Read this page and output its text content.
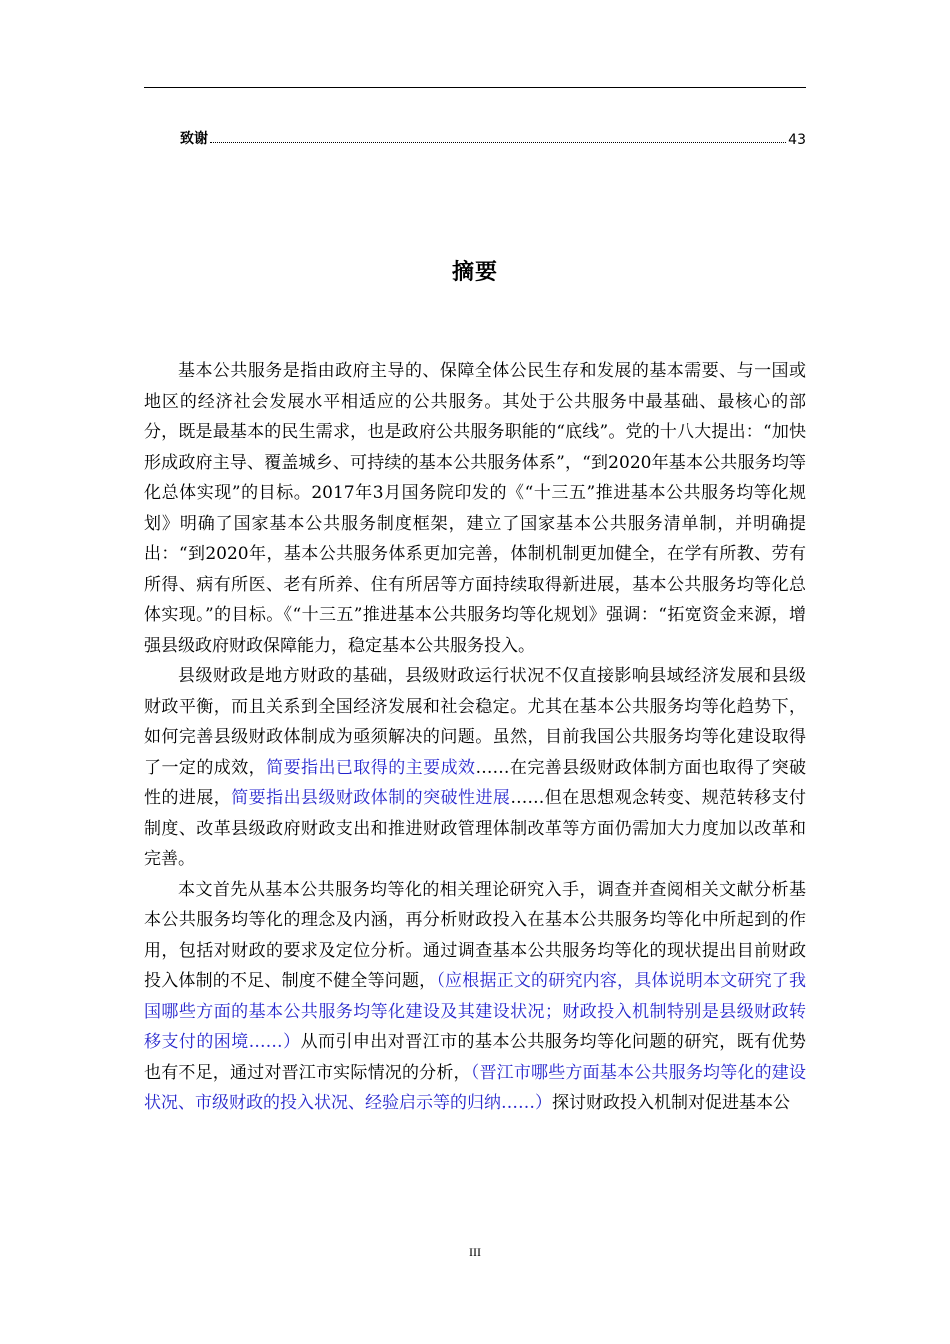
致谢	43
摘要

基本公共服务是指由政府主导的、保障全体公民生存和发展的基本需要、与一国或地区的经济社会发展水平相适应的公共服务。其处于公共服务中最基础、最核心的部分，既是最基本的民生需求，也是政府公共服务职能的“底线”。党的十八大提出：“加快形成政府主导、覆盖城乡、可持续的基本公共服务体系”，“到2020年基本公共服务均等化总体实现”的目标。2017年3月国务院印发的《“十三五”推进基本公共服务均等化规划》明确了国家基本公共服务制度框架，建立了国家基本公共服务清单制，并明确提出：“到2020年，基本公共服务体系更加完善，体制机制更加健全，在学有所教、劳有所得、病有所医、老有所养、住有所居等方面持续取得新进展，基本公共服务均等化总体实现。”的目标。《“十三五”推进基本公共服务均等化规划》强调：“拓宽资金来源，增强县级政府财政保障能力，稳定基本公共服务投入。

县级财政是地方财政的基础，县级财政运行状况不仅直接影响县域经济发展和县级财政平衡，而且关系到全国经济发展和社会稳定。尤其在基本公共服务均等化趋势下，如何完善县级财政体制成为亟须解决的问题。虽然，目前我国公共服务均等化建设取得了一定的成效，简要指出已取得的主要成效……在完善县级财政体制方面也取得了突破性的进展，简要指出县级财政体制的突破性进展……但在思想观念转变、规范转移支付制度、改革县级政府财政支出和推进财政管理体制改革等方面仍需加大力度加以改革和完善。

本文首先从基本公共服务均等化的相关理论研究入手，调查并查阅相关文献分析基本公共服务均等化的理念及内涵，再分析财政投入在基本公共服务均等化中所起到的作用，包括对财政的要求及定位分析。通过调查基本公共服务均等化的现状提出目前财政投入体制的不足、制度不健全等问题，（应根据正文的研究内容，具体说明本文研究了我国哪些方面的基本公共服务均等化建设及其建设状况；财政投入机制特别是县级财政转移支付的困境……）从而引申出对晋江市的基本公共服务均等化问题的研究，既有优势也有不足，通过对晋江市实际情况的分析，（晋江市哪些方面基本公共服务均等化的建设状况、市级财政的投入状况、经验启示等的归纳……）探讨财政投入机制对促进基本公

III
